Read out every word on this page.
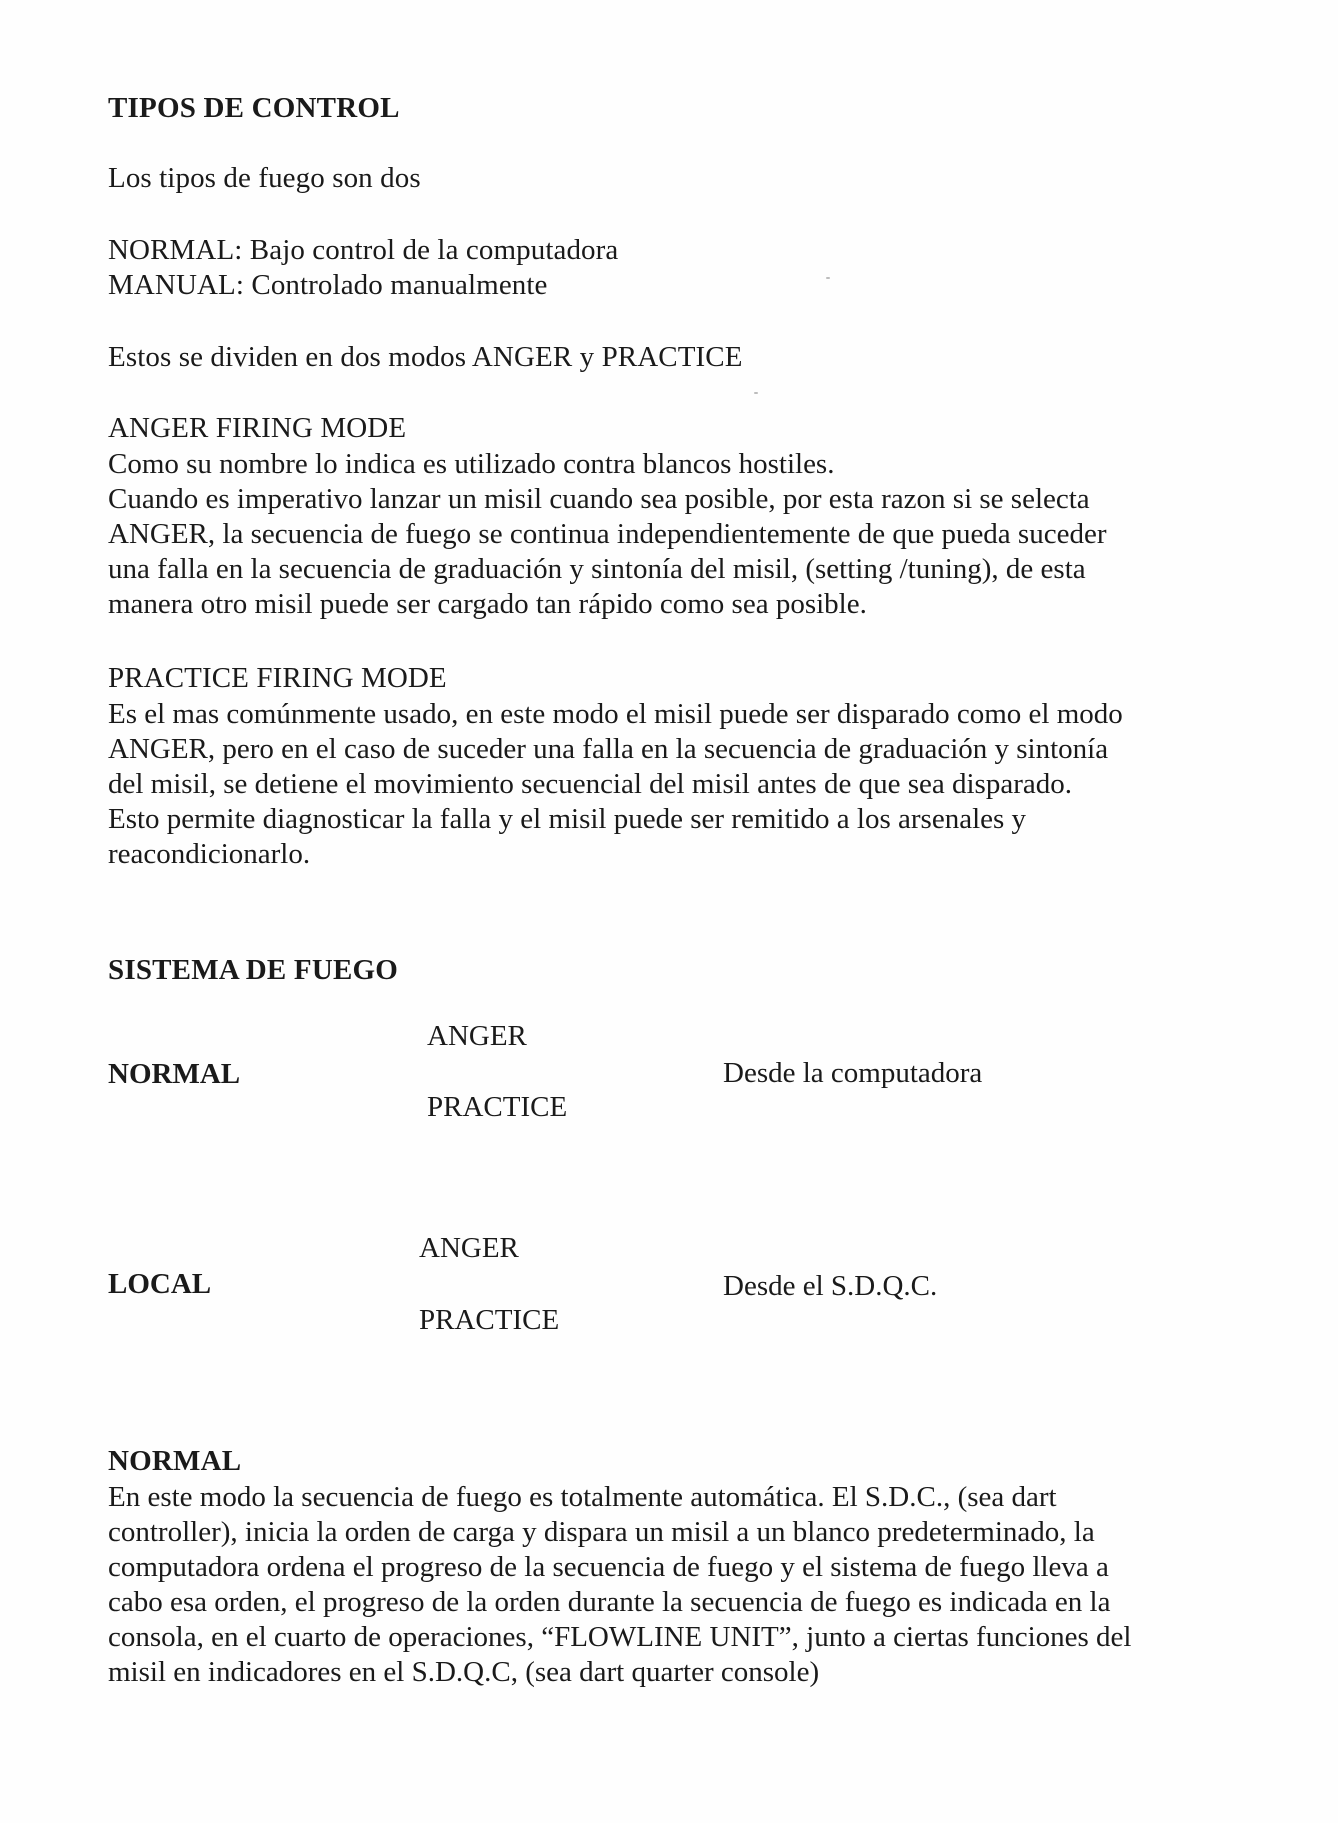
TIPOS DE CONTROL
Los tipos de fuego son dos
NORMAL: Bajo control de la computadora
MANUAL: Controlado manualmente
Estos se dividen en dos modos ANGER y PRACTICE
ANGER FIRING MODE
Como su nombre lo indica es utilizado contra blancos hostiles.
Cuando es imperativo lanzar un misil cuando sea posible, por esta razon si se selecta
ANGER, la secuencia de fuego se continua independientemente de que pueda suceder
una falla en la secuencia de graduación y sintonía del misil, (setting /tuning), de esta
manera otro misil puede ser cargado tan rápido como sea posible.
PRACTICE FIRING MODE
Es el mas comúnmente usado, en este modo el misil puede ser disparado como el modo
ANGER, pero en el caso de suceder una falla en la secuencia de graduación y sintonía
del misil, se detiene el movimiento secuencial del misil antes de que sea disparado.
Esto permite diagnosticar la falla y el misil puede ser remitido a los arsenales y
reacondicionarlo.
SISTEMA DE FUEGO
NORMAL
ANGER
PRACTICE
Desde la computadora
LOCAL
ANGER
PRACTICE
Desde el S.D.Q.C.
NORMAL
En este modo la secuencia de fuego es totalmente automática. El S.D.C., (sea dart
controller), inicia la orden de carga y dispara un misil a un blanco predeterminado, la
computadora ordena el progreso de la secuencia de fuego y el sistema de fuego lleva a
cabo esa orden, el progreso de la orden durante la secuencia de fuego es indicada en la
consola, en el cuarto de operaciones, “FLOWLINE UNIT”, junto a ciertas funciones del
misil en indicadores en el S.D.Q.C, (sea dart quarter console)
